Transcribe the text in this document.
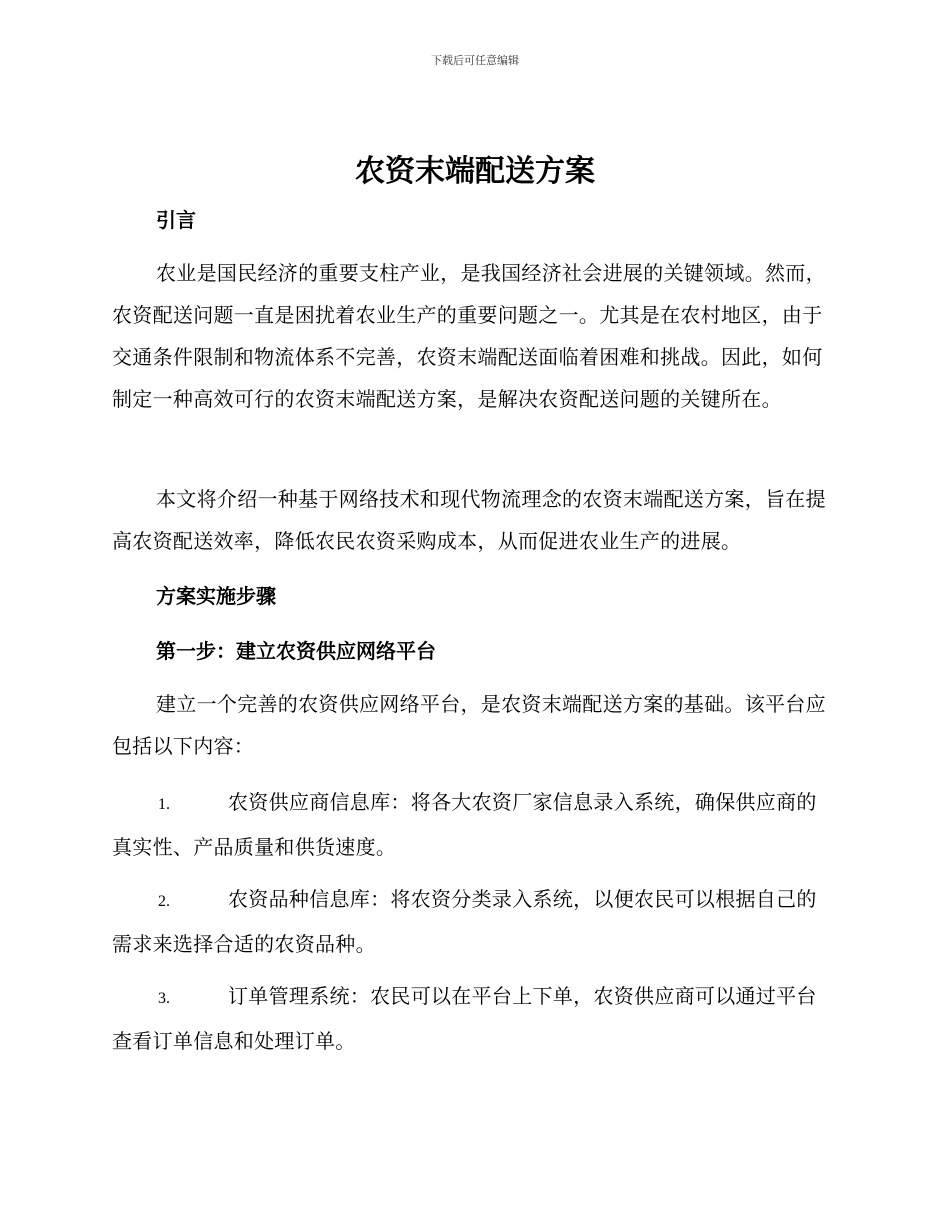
下载后可任意编辑
农资末端配送方案
引言

农业是国民经济的重要支柱产业，是我国经济社会进展的关键领域。然而，农资配送问题一直是困扰着农业生产的重要问题之一。尤其是在农村地区，由于交通条件限制和物流体系不完善，农资末端配送面临着困难和挑战。因此，如何制定一种高效可行的农资末端配送方案，是解决农资配送问题的关键所在。

本文将介绍一种基于网络技术和现代物流理念的农资末端配送方案，旨在提高农资配送效率，降低农民农资采购成本，从而促进农业生产的进展。

方案实施步骤
第一步：建立农资供应网络平台

建立一个完善的农资供应网络平台，是农资末端配送方案的基础。该平台应包括以下内容：

1.	农资供应商信息库：将各大农资厂家信息录入系统，确保供应商的真实性、产品质量和供货速度。

2.	农资品种信息库：将农资分类录入系统，以便农民可以根据自己的需求来选择合适的农资品种。

3.	订单管理系统：农民可以在平台上下单，农资供应商可以通过平台查看订单信息和处理订单。
